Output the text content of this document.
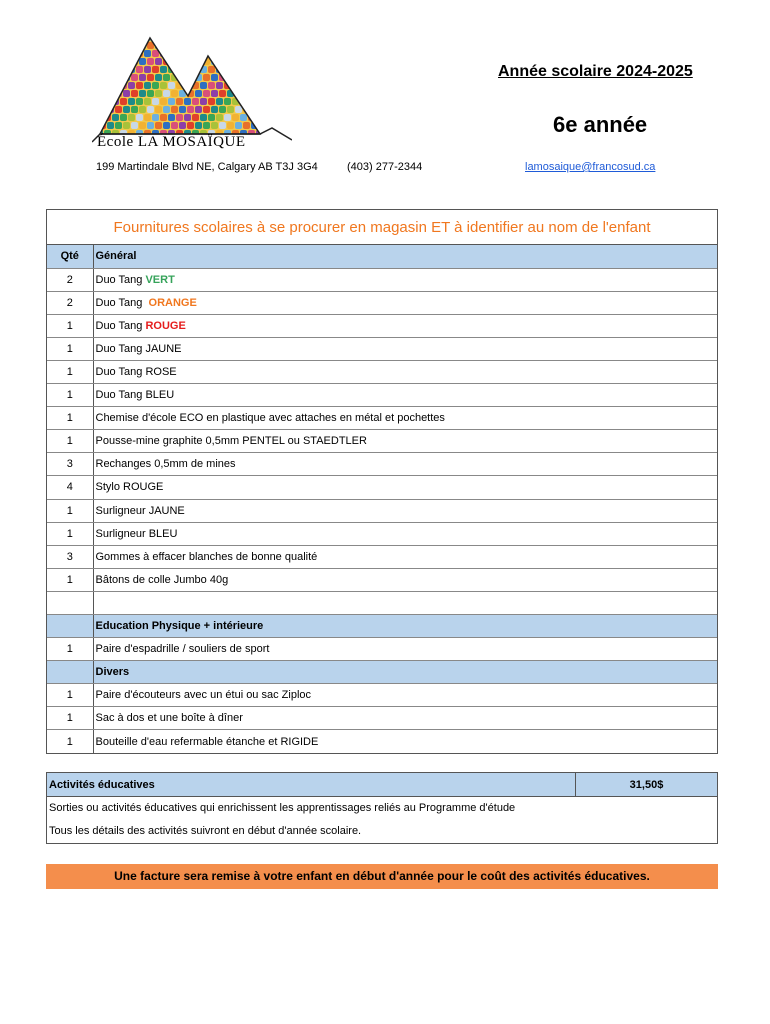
École LA MOSAÏQUE
Année scolaire 2024-2025
6e année
199 Martindale Blvd NE, Calgary AB T3J 3G4	(403) 277-2344	lamosaique@francosud.ca
Fournitures scolaires à se procurer en magasin ET à identifier au nom de l'enfant
Qté	Général
2	Duo Tang VERT
2	Duo Tang  ORANGE
1	Duo Tang ROUGE
1	Duo Tang JAUNE
1	Duo Tang ROSE
1	Duo Tang BLEU
1	Chemise d'école ECO en plastique avec attaches en métal et pochettes
1	Pousse-mine graphite 0,5mm PENTEL ou STAEDTLER
3	Rechanges 0,5mm de mines
4	Stylo ROUGE
1	Surligneur JAUNE
1	Surligneur BLEU
3	Gommes à effacer blanches de bonne qualité
1	Bâtons de colle Jumbo 40g

	Education Physique + intérieure
1	Paire d'espadrille / souliers de sport
	Divers
1	Paire d'écouteurs avec un étui ou sac Ziploc
1	Sac à dos et une boîte à dîner
1	Bouteille d'eau refermable étanche et RIGIDE
Activités éducatives	31,50$
Sorties ou activités éducatives qui enrichissent les apprentissages reliés au Programme d'étude
Tous les détails des activités suivront en début d'année scolaire.
Une facture sera remise à votre enfant en début d'année pour le coût des activités éducatives.
